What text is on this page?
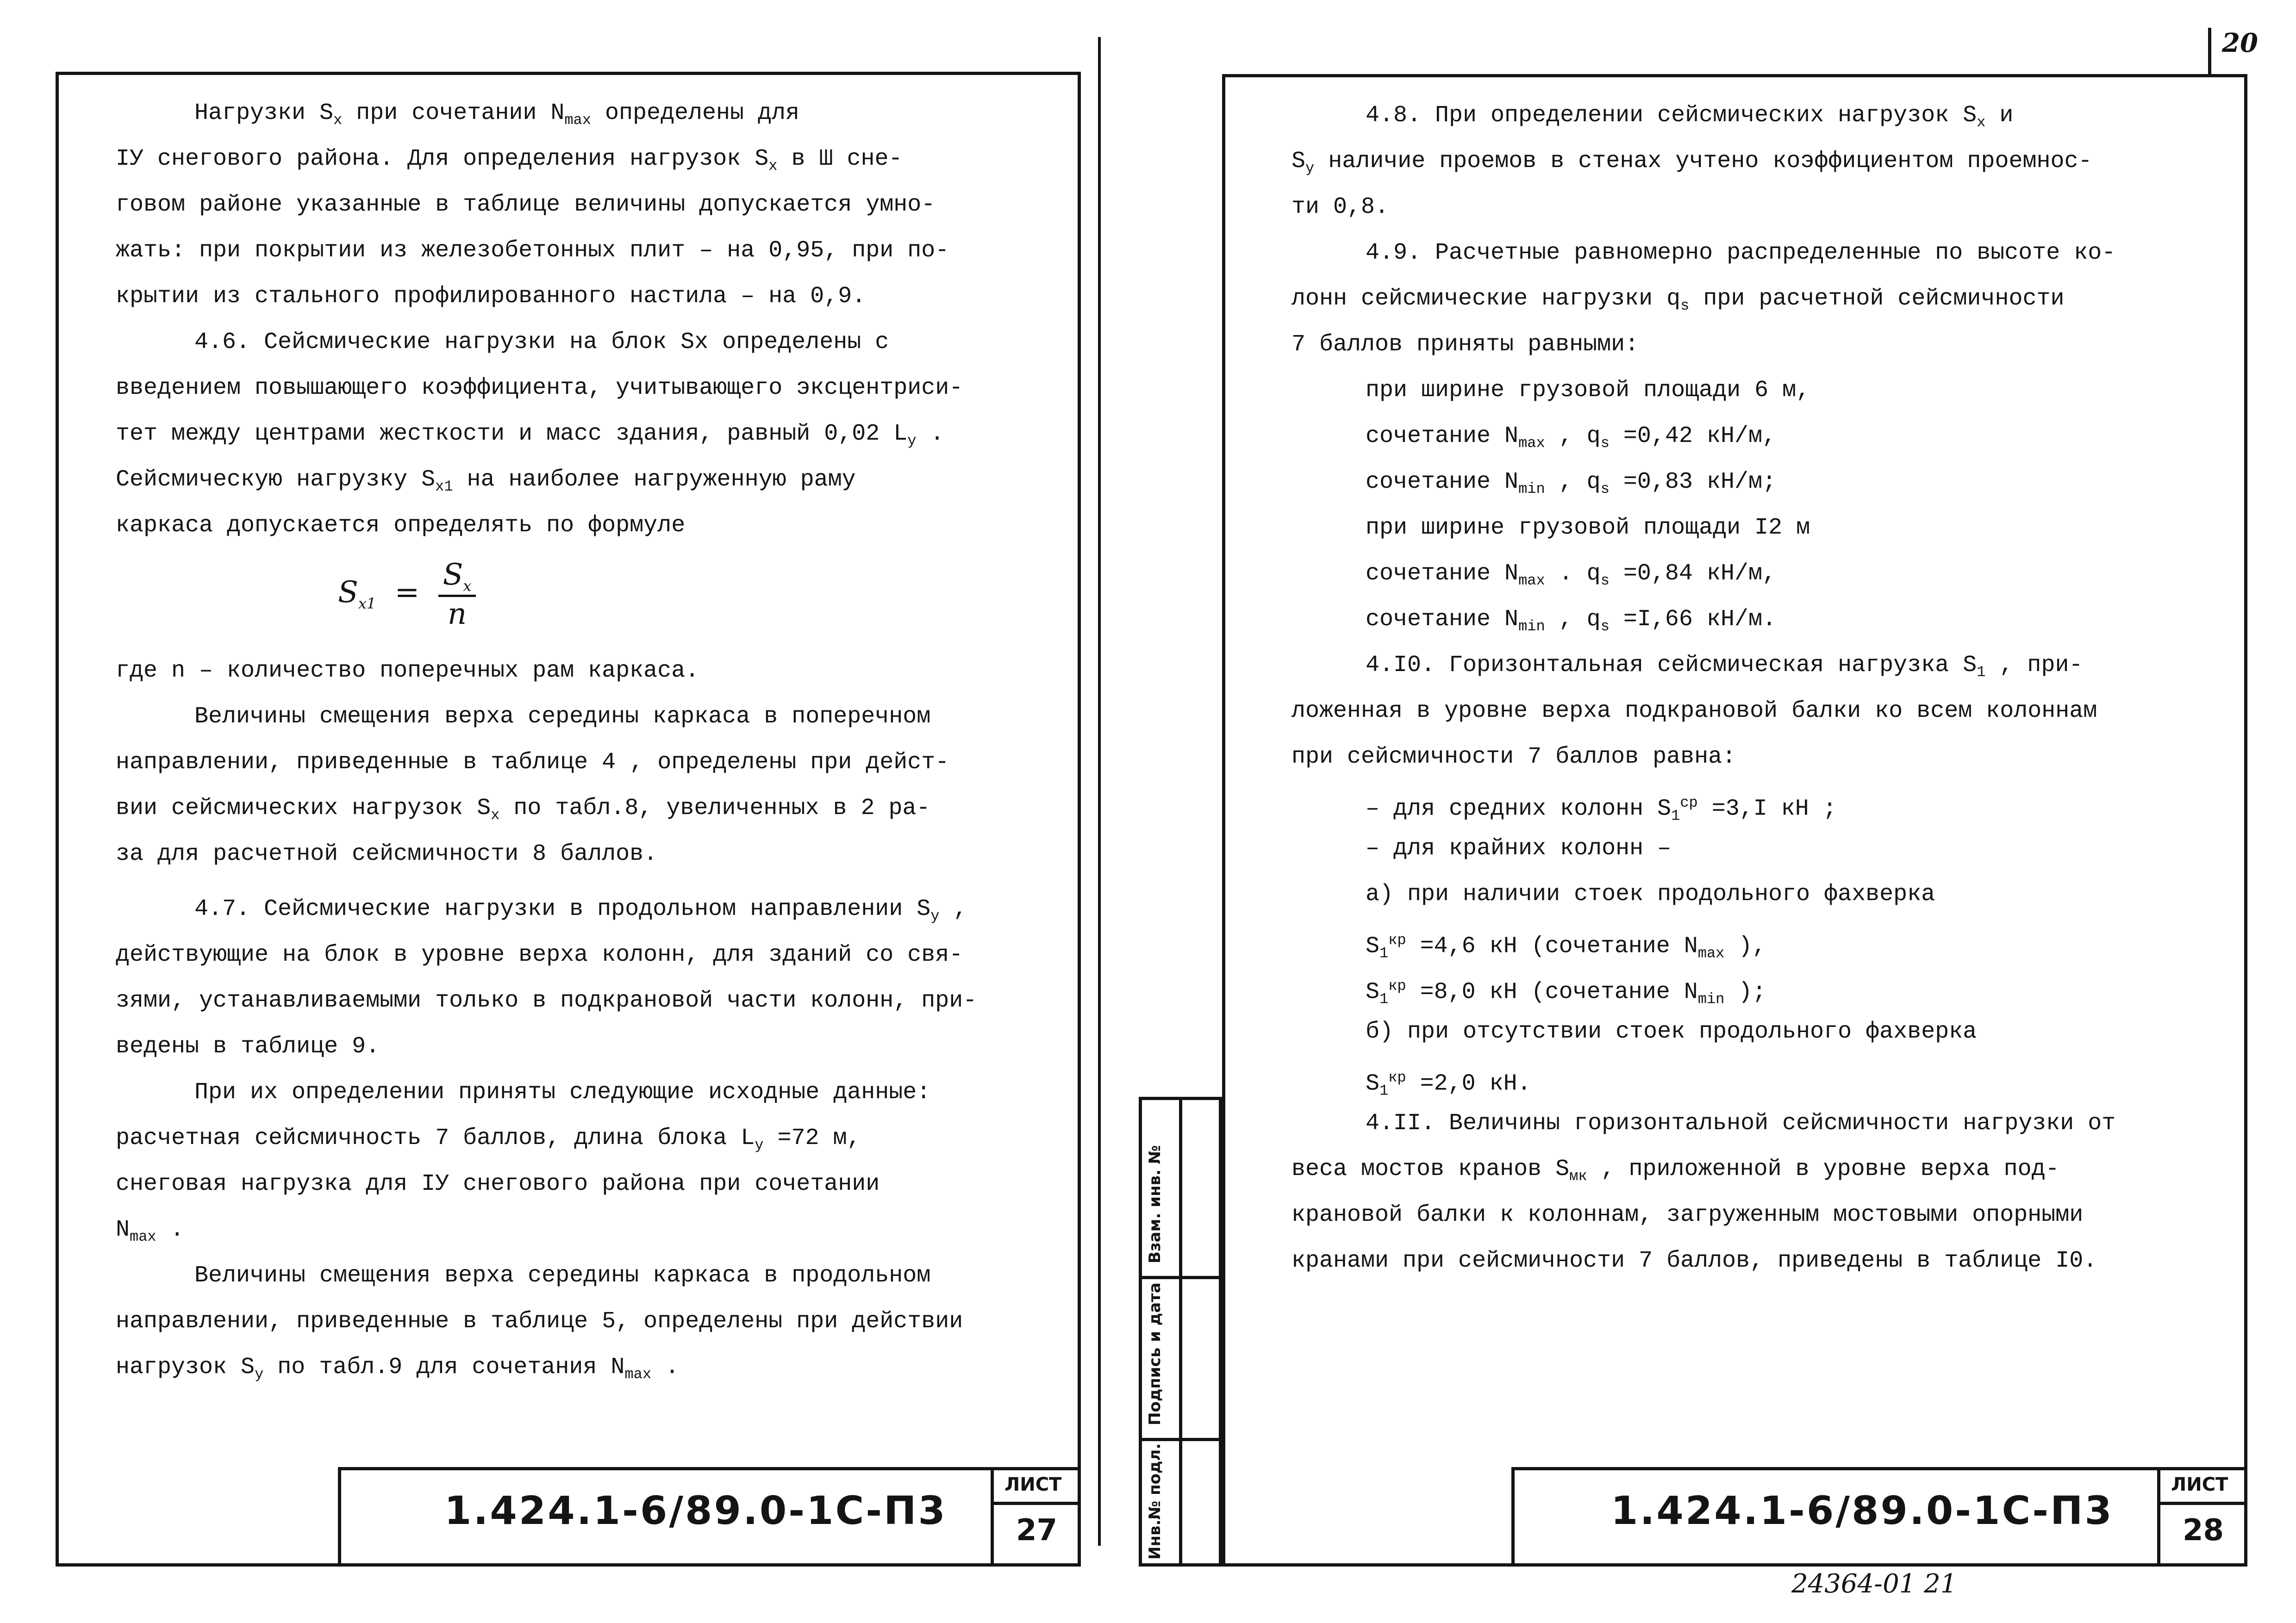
20
Нагрузки $S_x$ при сочетании $N_{max}$ определены для
IУ снегового района. Для определения нагрузок $S_x$ в Ш сне-
говом районе указанные в таблице величины допускается умно-
жать: при покрытии из железобетонных плит – на 0,95, при по-
крытии из стального профилированного настила – на 0,9.
4.6. Сейсмические нагрузки на блок Sx определены с
введением повышающего коэффициента, учитывающего эксцентриси-
тет между центрами жесткости и масс здания, равный 0,02 $L_y$ .
Сейсмическую нагрузку $S_{x1}$ на наиболее нагруженную раму
каркаса допускается определять по формуле
$S_{x1} = \frac{S_x}{n}$
где n – количество поперечных рам каркаса.
Величины смещения верха середины каркаса в поперечном
направлении, приведенные в таблице 4 , определены при дейст-
вии сейсмических нагрузок $S_x$ по табл.8, увеличенных в 2 ра-
за для расчетной сейсмичности 8 баллов.
4.7. Сейсмические нагрузки в продольном направлении $S_y$ ,
действующие на блок в уровне верха колонн, для зданий со свя-
зями, устанавливаемыми только в подкрановой части колонн, при-
ведены в таблице 9.
При их определении приняты следующие исходные данные:
расчетная сейсмичность 7 баллов, длина блока $L_y =72$ м,
снеговая нагрузка для IУ снегового района при сочетании
$N_{max}$ .
Величины смещения верха середины каркаса в продольном
направлении, приведенные в таблице 5, определены при действии
нагрузок $S_y$ по табл.9 для сочетания $N_{max}$ .
1.424.1-6/89.0-1С-П3
ЛИСТ
27
4.8. При определении сейсмических нагрузок $S_x$ и
$S_y$ наличие проемов в стенах учтено коэффициентом проемнос-
ти 0,8.
4.9. Расчетные равномерно распределенные по высоте ко-
лонн сейсмические нагрузки $q_s$ при расчетной сейсмичности
7 баллов приняты равными:
при ширине грузовой площади 6 м,
сочетание $N_{max}$ , $q_s =0,42$ кН/м,
сочетание $N_{min}$ , $q_s =0,83$ кН/м;
при ширине грузовой площади I2 м
сочетание $N_{max}$ . $q_s =0,84$ кН/м,
сочетание $N_{min}$ , $q_s =I,66$ кН/м.
4.I0. Горизонтальная сейсмическая нагрузка $S_1$ , при-
ложенная в уровне верха подкрановой балки ко всем колоннам
при сейсмичности 7 баллов равна:
– для средних колонн $S_1^{ср} =3,I$ кН ;
– для крайних колонн –
а) при наличии стоек продольного фахверка
$S_1^{кр} =4,6$ кН (сочетание $N_{max}$ ),
$S_1^{кр} =8,0$ кН (сочетание $N_{min}$ );
б) при отсутствии стоек продольного фахверка
$S_1^{кр} =2,0$ кН.
4.II. Величины горизонтальной сейсмичности нагрузки от
веса мостов кранов $S_{мк}$ , приложенной в уровне верха под-
крановой балки к колоннам, загруженным мостовыми опорными
кранами при сейсмичности 7 баллов, приведены в таблице I0.
Инв.№ подл.
Подпись и дата
Взам. инв. №
1.424.1-6/89.0-1С-П3
ЛИСТ
28
24364-01 21
